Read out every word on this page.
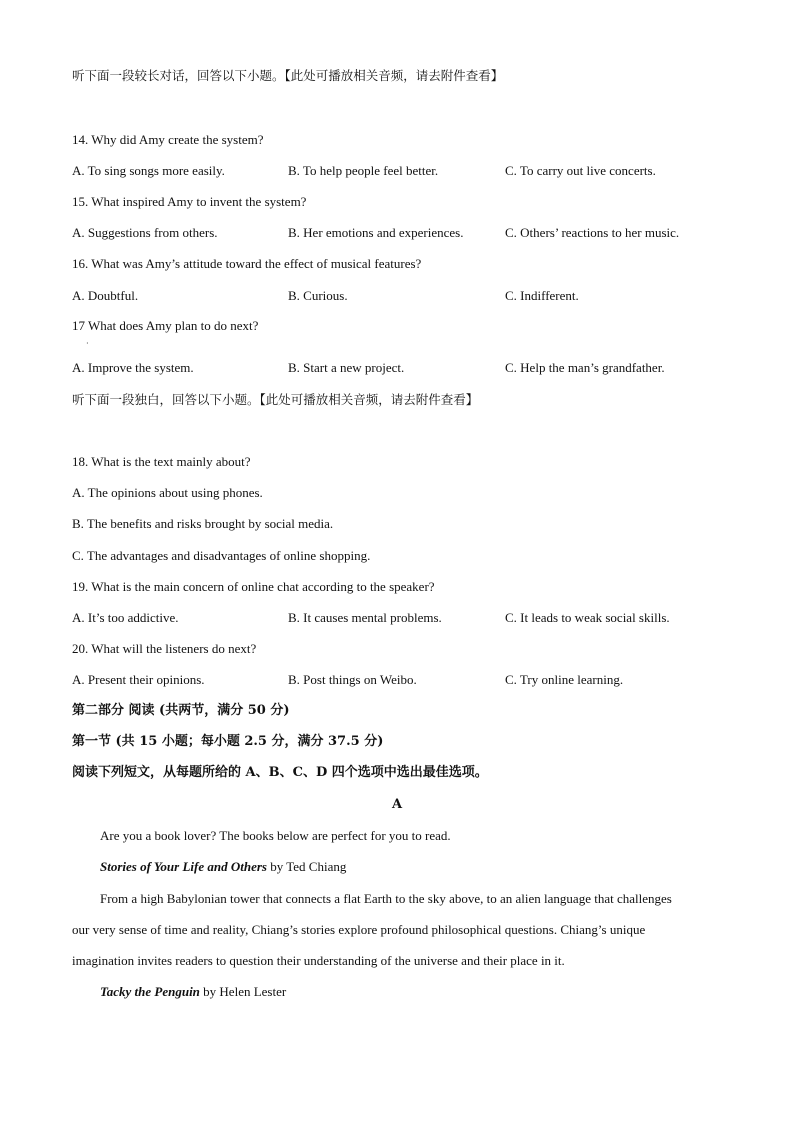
听下面一段较长对话，回答以下小题。【此处可播放相关音频，请去附件查看】
14. Why did Amy create the system?
A. To sing songs more easily.	B. To help people feel better.	C. To carry out live concerts.
15. What inspired Amy to invent the system?
A. Suggestions from others.	B. Her emotions and experiences.	C. Others’ reactions to her music.
16. What was Amy’s attitude toward the effect of musical features?
A. Doubtful.	B. Curious.	C. Indifferent.
17 What does Amy plan to do next?
·
A. Improve the system.	B. Start a new project.	C. Help the man’s grandfather.
听下面一段独白，回答以下小题。【此处可播放相关音频，请去附件查看】
18. What is the text mainly about?
A. The opinions about using phones.
B. The benefits and risks brought by social media.
C. The advantages and disadvantages of online shopping.
19. What is the main concern of online chat according to the speaker?
A. It’s too addictive.	B. It causes mental problems.	C. It leads to weak social skills.
20. What will the listeners do next?
A. Present their opinions.	B. Post things on Weibo.	C. Try online learning.
第二部分 阅读 (共两节，满分 50 分)
第一节 (共 15 小题；每小题 2.5 分，满分 37.5 分)
阅读下列短文，从每题所给的 A、B、C、D 四个选项中选出最佳选项。
A
Are you a book lover? The books below are perfect for you to read.
Stories of Your Life and Others by Ted Chiang
From a high Babylonian tower that connects a flat Earth to the sky above, to an alien language that challenges
our very sense of time and reality, Chiang’s stories explore profound philosophical questions. Chiang’s unique
imagination invites readers to question their understanding of the universe and their place in it.
Tacky the Penguin by Helen Lester
